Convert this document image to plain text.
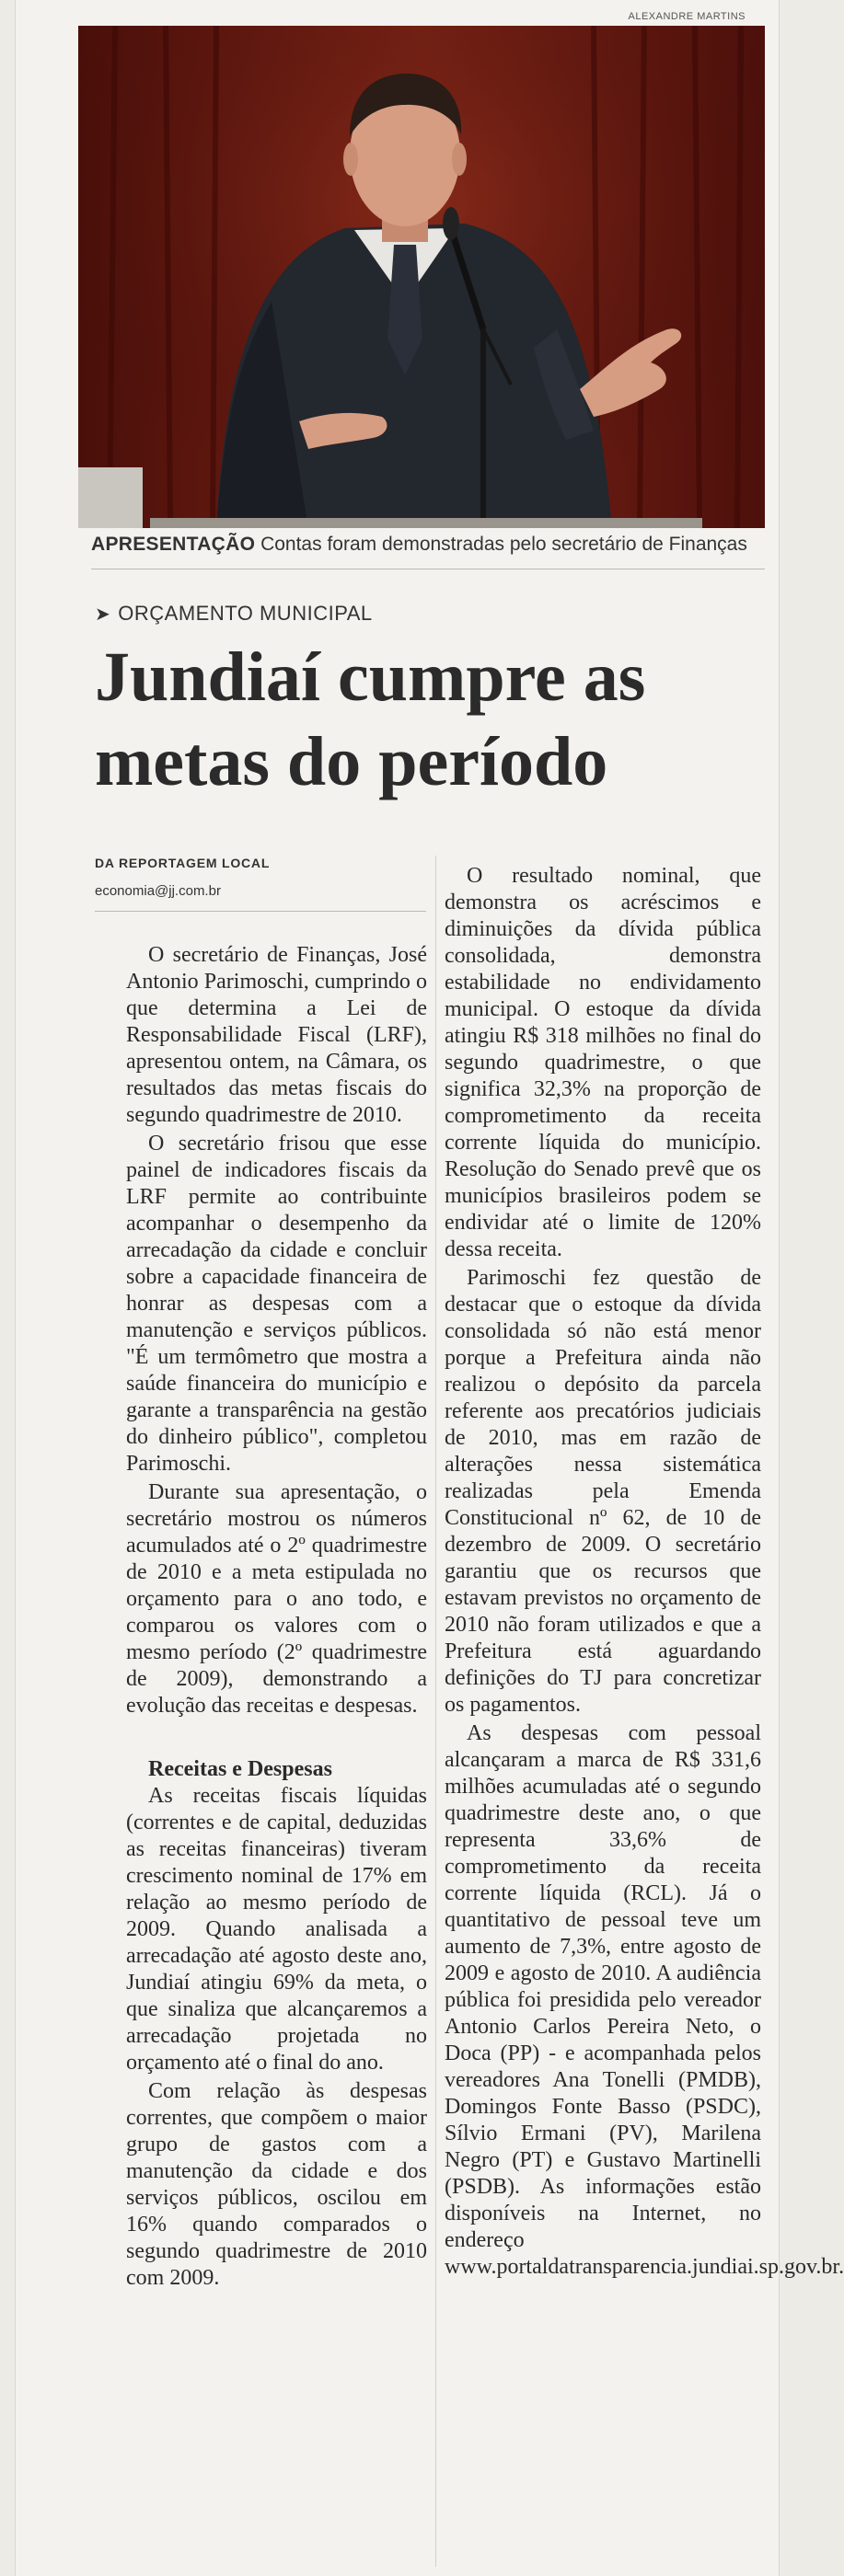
ALEXANDRE MARTINS
APRESENTAÇÃO Contas foram demonstradas pelo secretário de Finanças
➤ ORÇAMENTO MUNICIPAL
Jundiaí cumpre as
metas do período
DA REPORTAGEM LOCAL
economia@jj.com.br

O secretário de Finanças, José Antonio Parimoschi, cumprindo o que determina a Lei de Responsabilidade Fiscal (LRF), apresentou ontem, na Câmara, os resultados das metas fiscais do segundo quadrimestre de 2010.

O secretário frisou que esse painel de indicadores fiscais da LRF permite ao contribuinte acompanhar o desempenho da arrecadação da cidade e concluir sobre a capacidade financeira de honrar as despesas com a manutenção e serviços públicos. "É um termômetro que mostra a saúde financeira do município e garante a transparência na gestão do dinheiro público", completou Parimoschi.

Durante sua apresentação, o secretário mostrou os números acumulados até o 2º quadrimestre de 2010 e a meta estipulada no orçamento para o ano todo, e comparou os valores com o mesmo período (2º quadrimestre de 2009), demonstrando a evolução das receitas e despesas.

Receitas e Despesas

As receitas fiscais líquidas (correntes e de capital, deduzidas as receitas financeiras) tiveram crescimento nominal de 17% em relação ao mesmo período de 2009. Quando analisada a arrecadação até agosto deste ano, Jundiaí atingiu 69% da meta, o que sinaliza que alcançaremos a arrecadação projetada no orçamento até o final do ano.

Com relação às despesas correntes, que compõem o maior grupo de gastos com a manutenção da cidade e dos serviços públicos, oscilou em 16% quando comparados o segundo quadrimestre de 2010 com 2009.

O resultado nominal, que demonstra os acréscimos e diminuições da dívida pública consolidada, demonstra estabilidade no endividamento municipal. O estoque da dívida atingiu R$ 318 milhões no final do segundo quadrimestre, o que significa 32,3% na proporção de comprometimento da receita corrente líquida do município. Resolução do Senado prevê que os municípios brasileiros podem se endividar até o limite de 120% dessa receita.

Parimoschi fez questão de destacar que o estoque da dívida consolidada só não está menor porque a Prefeitura ainda não realizou o depósito da parcela referente aos precatórios judiciais de 2010, mas em razão de alterações nessa sistemática realizadas pela Emenda Constitucional nº 62, de 10 de dezembro de 2009. O secretário garantiu que os recursos que estavam previstos no orçamento de 2010 não foram utilizados e que a Prefeitura está aguardando definições do TJ para concretizar os pagamentos.

As despesas com pessoal alcançaram a marca de R$ 331,6 milhões acumuladas até o segundo quadrimestre deste ano, o que representa 33,6% de comprometimento da receita corrente líquida (RCL). Já o quantitativo de pessoal teve um aumento de 7,3%, entre agosto de 2009 e agosto de 2010. A audiência pública foi presidida pelo vereador Antonio Carlos Pereira Neto, o Doca (PP) - e acompanhada pelos vereadores Ana Tonelli (PMDB), Domingos Fonte Basso (PSDC), Sílvio Ermani (PV), Marilena Negro (PT) e Gustavo Martinelli (PSDB). As informações estão disponíveis na Internet, no endereço www.portaldatransparencia.jundiai.sp.gov.br.
